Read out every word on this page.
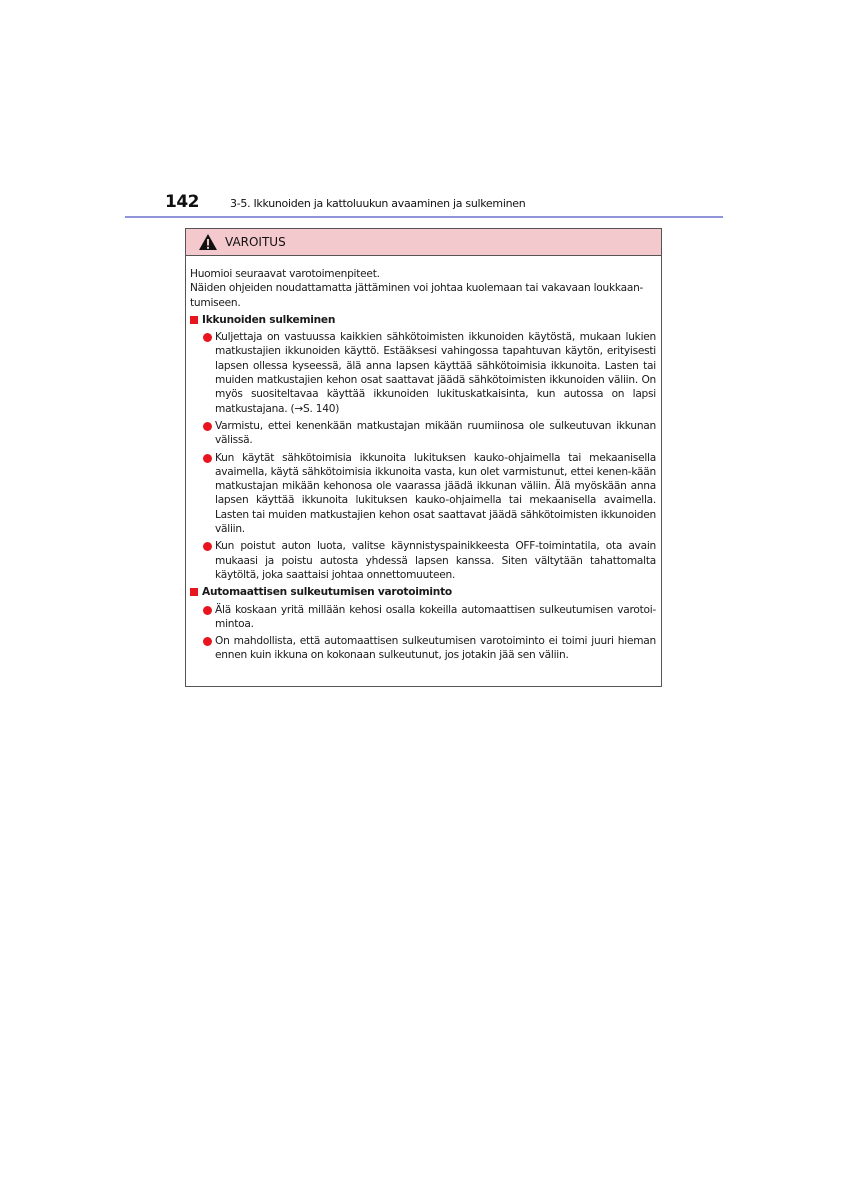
142	3-5. Ikkunoiden ja kattoluukun avaaminen ja sulkeminen
VAROITUS

Huomioi seuraavat varotoimenpiteet.

Näiden ohjeiden noudattamatta jättäminen voi johtaa kuolemaan tai vakavaan loukkaan-tumiseen.

Ikkunoiden sulkeminen
Kuljettaja on vastuussa kaikkien sähkötoimisten ikkunoiden käytöstä, mukaan lukien matkustajien ikkunoiden käyttö. Estääksesi vahingossa tapahtuvan käytön, erityisesti lapsen ollessa kyseessä, älä anna lapsen käyttää sähkötoimisia ikkunoita. Lasten tai muiden matkustajien kehon osat saattavat jäädä sähkötoimisten ikkunoiden väliin. On myös suositeltavaa käyttää ikkunoiden lukituskatkaisinta, kun autossa on lapsi matkustajana. (→S. 140)
Varmistu, ettei kenenkään matkustajan mikään ruumiinosa ole sulkeutuvan ikkunan välissä.
Kun käytät sähkötoimisia ikkunoita lukituksen kauko-ohjaimella tai mekaanisella avaimella, käytä sähkötoimisia ikkunoita vasta, kun olet varmistunut, ettei kenen-kään matkustajan mikään kehonosa ole vaarassa jäädä ikkunan väliin. Älä myöskään anna lapsen käyttää ikkunoita lukituksen kauko-ohjaimella tai mekaanisella avaimella. Lasten tai muiden matkustajien kehon osat saattavat jäädä sähkötoimisten ikkunoiden väliin.
Kun poistut auton luota, valitse käynnistyspainikkeesta OFF-toimintatila, ota avain mukaasi ja poistu autosta yhdessä lapsen kanssa. Siten vältytään tahattomalta käytöltä, joka saattaisi johtaa onnettomuuteen.
Automaattisen sulkeutumisen varotoiminto
Älä koskaan yritä millään kehosi osalla kokeilla automaattisen sulkeutumisen varotoi-mintoa.
On mahdollista, että automaattisen sulkeutumisen varotoiminto ei toimi juuri hieman ennen kuin ikkuna on kokonaan sulkeutunut, jos jotakin jää sen väliin.
